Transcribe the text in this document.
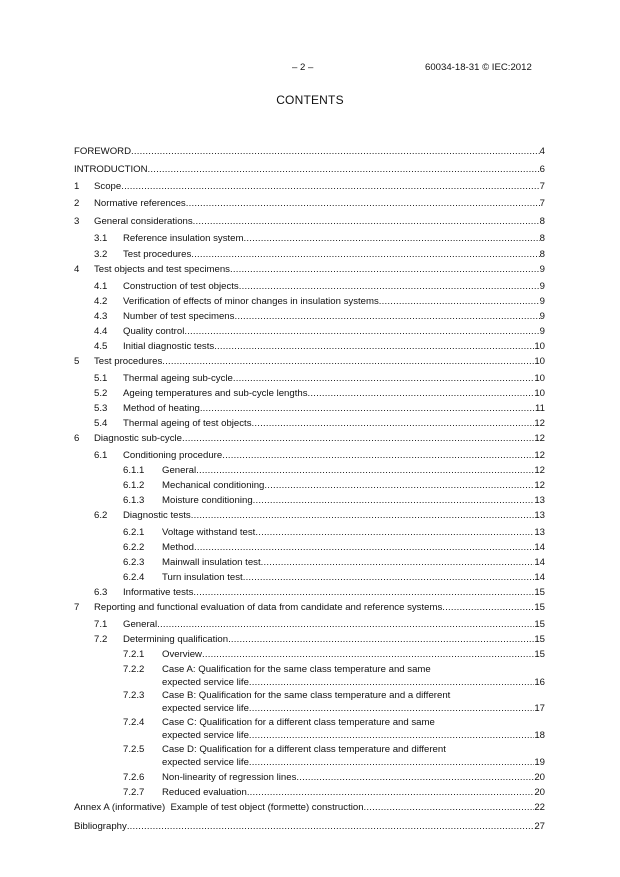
– 2 –	60034-18-31 © IEC:2012
CONTENTS
FOREWORD .....	4
INTRODUCTION .....	6
1 Scope .....	7
2 Normative references .....	7
3 General considerations .....	8
3.1 Reference insulation system .....	8
3.2 Test procedures .....	8
4 Test objects and test specimens .....	9
4.1 Construction of test objects .....	9
4.2 Verification of effects of minor changes in insulation systems .....	9
4.3 Number of test specimens .....	9
4.4 Quality control .....	9
4.5 Initial diagnostic tests .....	10
5 Test procedures .....	10
5.1 Thermal ageing sub-cycle .....	10
5.2 Ageing temperatures and sub-cycle lengths .....	10
5.3 Method of heating .....	11
5.4 Thermal ageing of test objects .....	12
6 Diagnostic sub-cycle .....	12
6.1 Conditioning procedure .....	12
6.1.1 General .....	12
6.1.2 Mechanical conditioning .....	12
6.1.3 Moisture conditioning .....	13
6.2 Diagnostic tests .....	13
6.2.1 Voltage withstand test .....	13
6.2.2 Method .....	14
6.2.3 Mainwall insulation test .....	14
6.2.4 Turn insulation test .....	14
6.3 Informative tests .....	15
7 Reporting and functional evaluation of data from candidate and reference systems .....	15
7.1 General .....	15
7.2 Determining qualification .....	15
7.2.1 Overview .....	15
7.2.2 Case A: Qualification for the same class temperature and same
expected service life .....	16
7.2.3 Case B: Qualification for the same class temperature and a different
expected service life .....	17
7.2.4 Case C: Qualification for a different class temperature and same
expected service life .....	18
7.2.5 Case D: Qualification for a different class temperature and different
expected service life .....	19
7.2.6 Non-linearity of regression lines .....	20
7.2.7 Reduced evaluation .....	20
Annex A (informative)  Example of test object (formette) construction .....	22
Bibliography .....	27
